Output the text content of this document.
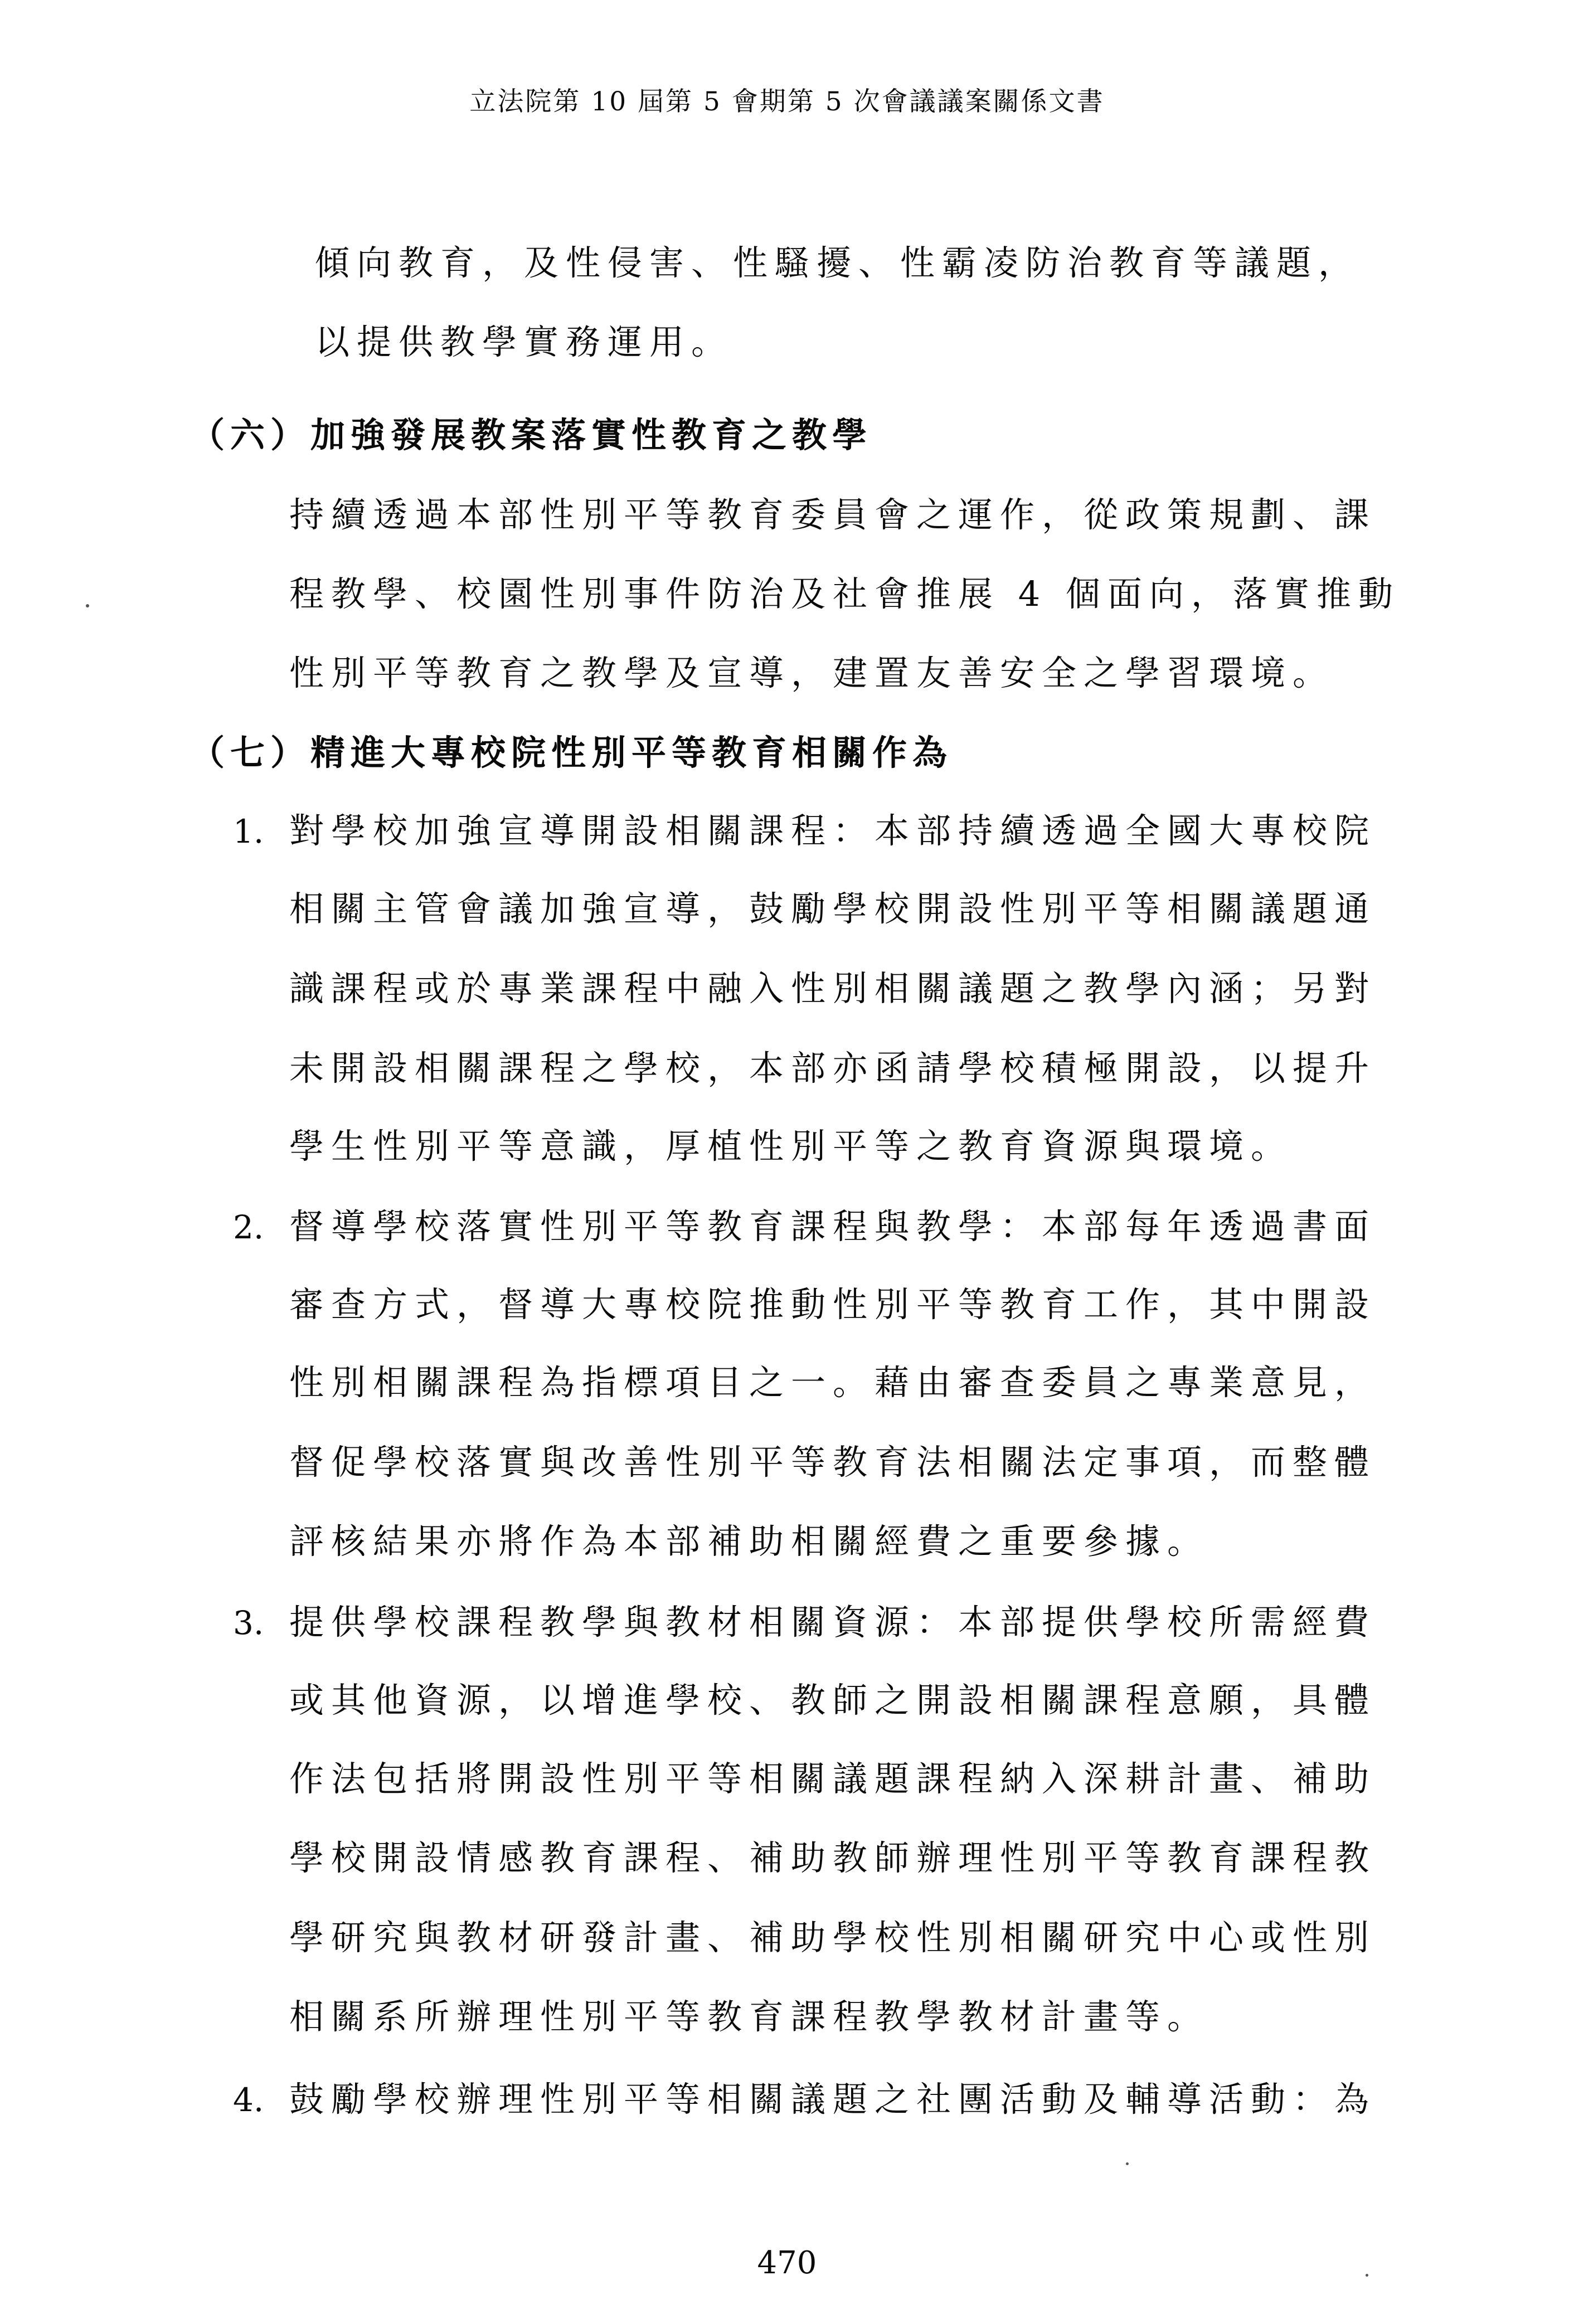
立法院第 10 屆第 5 會期第 5 次會議議案關係文書
傾向教育，及性侵害、性騷擾、性霸凌防治教育等議題，
以提供教學實務運用。
（六）加強發展教案落實性教育之教學
持續透過本部性別平等教育委員會之運作，從政策規劃、課
程教學、校園性別事件防治及社會推展 4 個面向，落實推動
性別平等教育之教學及宣導，建置友善安全之學習環境。
（七）精進大專校院性別平等教育相關作為
1. 對學校加強宣導開設相關課程：本部持續透過全國大專校院
相關主管會議加強宣導，鼓勵學校開設性別平等相關議題通
識課程或於專業課程中融入性別相關議題之教學內涵；另對
未開設相關課程之學校，本部亦函請學校積極開設，以提升
學生性別平等意識，厚植性別平等之教育資源與環境。
2. 督導學校落實性別平等教育課程與教學：本部每年透過書面
審查方式，督導大專校院推動性別平等教育工作，其中開設
性別相關課程為指標項目之一。藉由審查委員之專業意見，
督促學校落實與改善性別平等教育法相關法定事項，而整體
評核結果亦將作為本部補助相關經費之重要參據。
3. 提供學校課程教學與教材相關資源：本部提供學校所需經費
或其他資源，以增進學校、教師之開設相關課程意願，具體
作法包括將開設性別平等相關議題課程納入深耕計畫、補助
學校開設情感教育課程、補助教師辦理性別平等教育課程教
學研究與教材研發計畫、補助學校性別相關研究中心或性別
相關系所辦理性別平等教育課程教學教材計畫等。
4. 鼓勵學校辦理性別平等相關議題之社團活動及輔導活動：為
470
